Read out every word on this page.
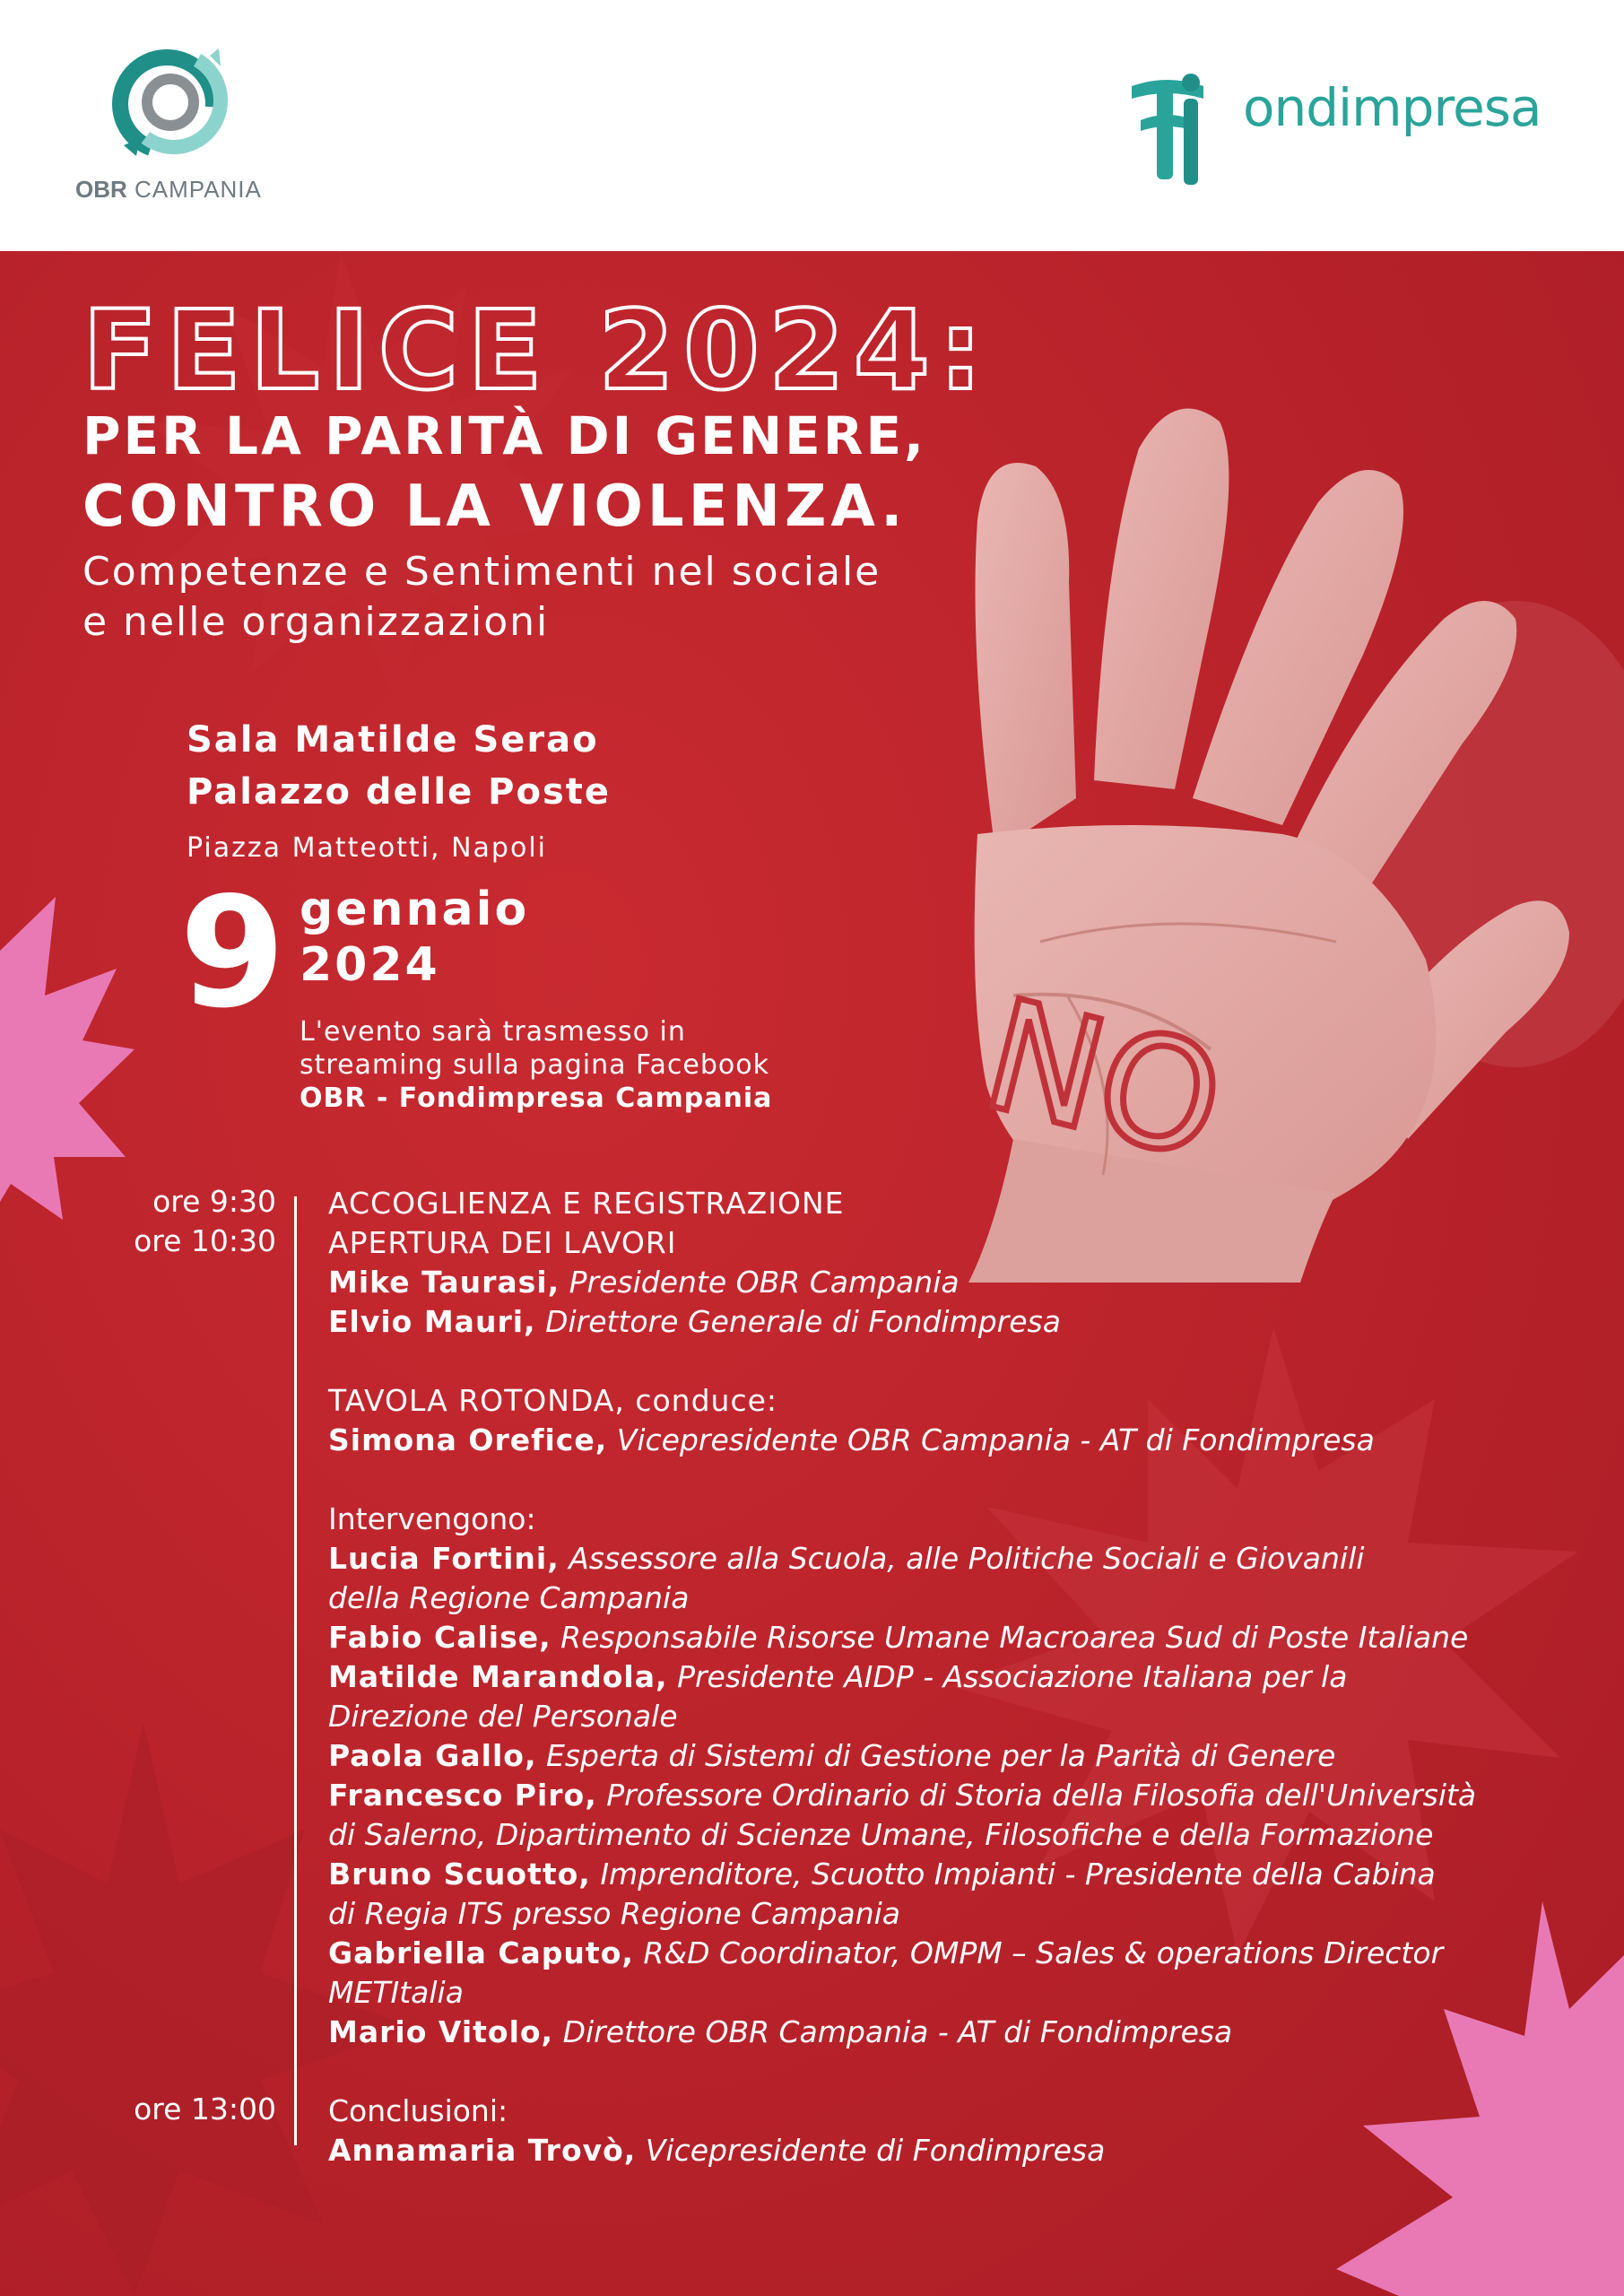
OBR CAMPANIA
ondimpresa
NO
FELICE 2024:
PER LA PARITÀ DI GENERE,
CONTRO LA VIOLENZA.
Competenze e Sentimenti nel sociale
e nelle organizzazioni
Sala Matilde Serao
Palazzo delle Poste
Piazza Matteotti, Napoli
9 gennaio
2024
L'evento sarà trasmesso in
streaming sulla pagina Facebook
OBR - Fondimpresa Campania
ore 9:30
ore 10:30
ore 13:00
ACCOGLIENZA E REGISTRAZIONE
APERTURA DEI LAVORI
Mike Taurasi, Presidente OBR Campania
Elvio Mauri, Direttore Generale di Fondimpresa
TAVOLA ROTONDA, conduce:
Simona Orefice, Vicepresidente OBR Campania - AT di Fondimpresa
Intervengono:
Lucia Fortini, Assessore alla Scuola, alle Politiche Sociali e Giovanili
della Regione Campania
Fabio Calise, Responsabile Risorse Umane Macroarea Sud di Poste Italiane
Matilde Marandola, Presidente AIDP - Associazione Italiana per la
Direzione del Personale
Paola Gallo, Esperta di Sistemi di Gestione per la Parità di Genere
Francesco Piro, Professore Ordinario di Storia della Filosofia dell'Università
di Salerno, Dipartimento di Scienze Umane, Filosofiche e della Formazione
Bruno Scuotto, Imprenditore, Scuotto Impianti - Presidente della Cabina
di Regia ITS presso Regione Campania
Gabriella Caputo, R&D Coordinator, OMPM – Sales & operations Director
METItalia
Mario Vitolo, Direttore OBR Campania - AT di Fondimpresa
Conclusioni:
Annamaria Trovò, Vicepresidente di Fondimpresa
